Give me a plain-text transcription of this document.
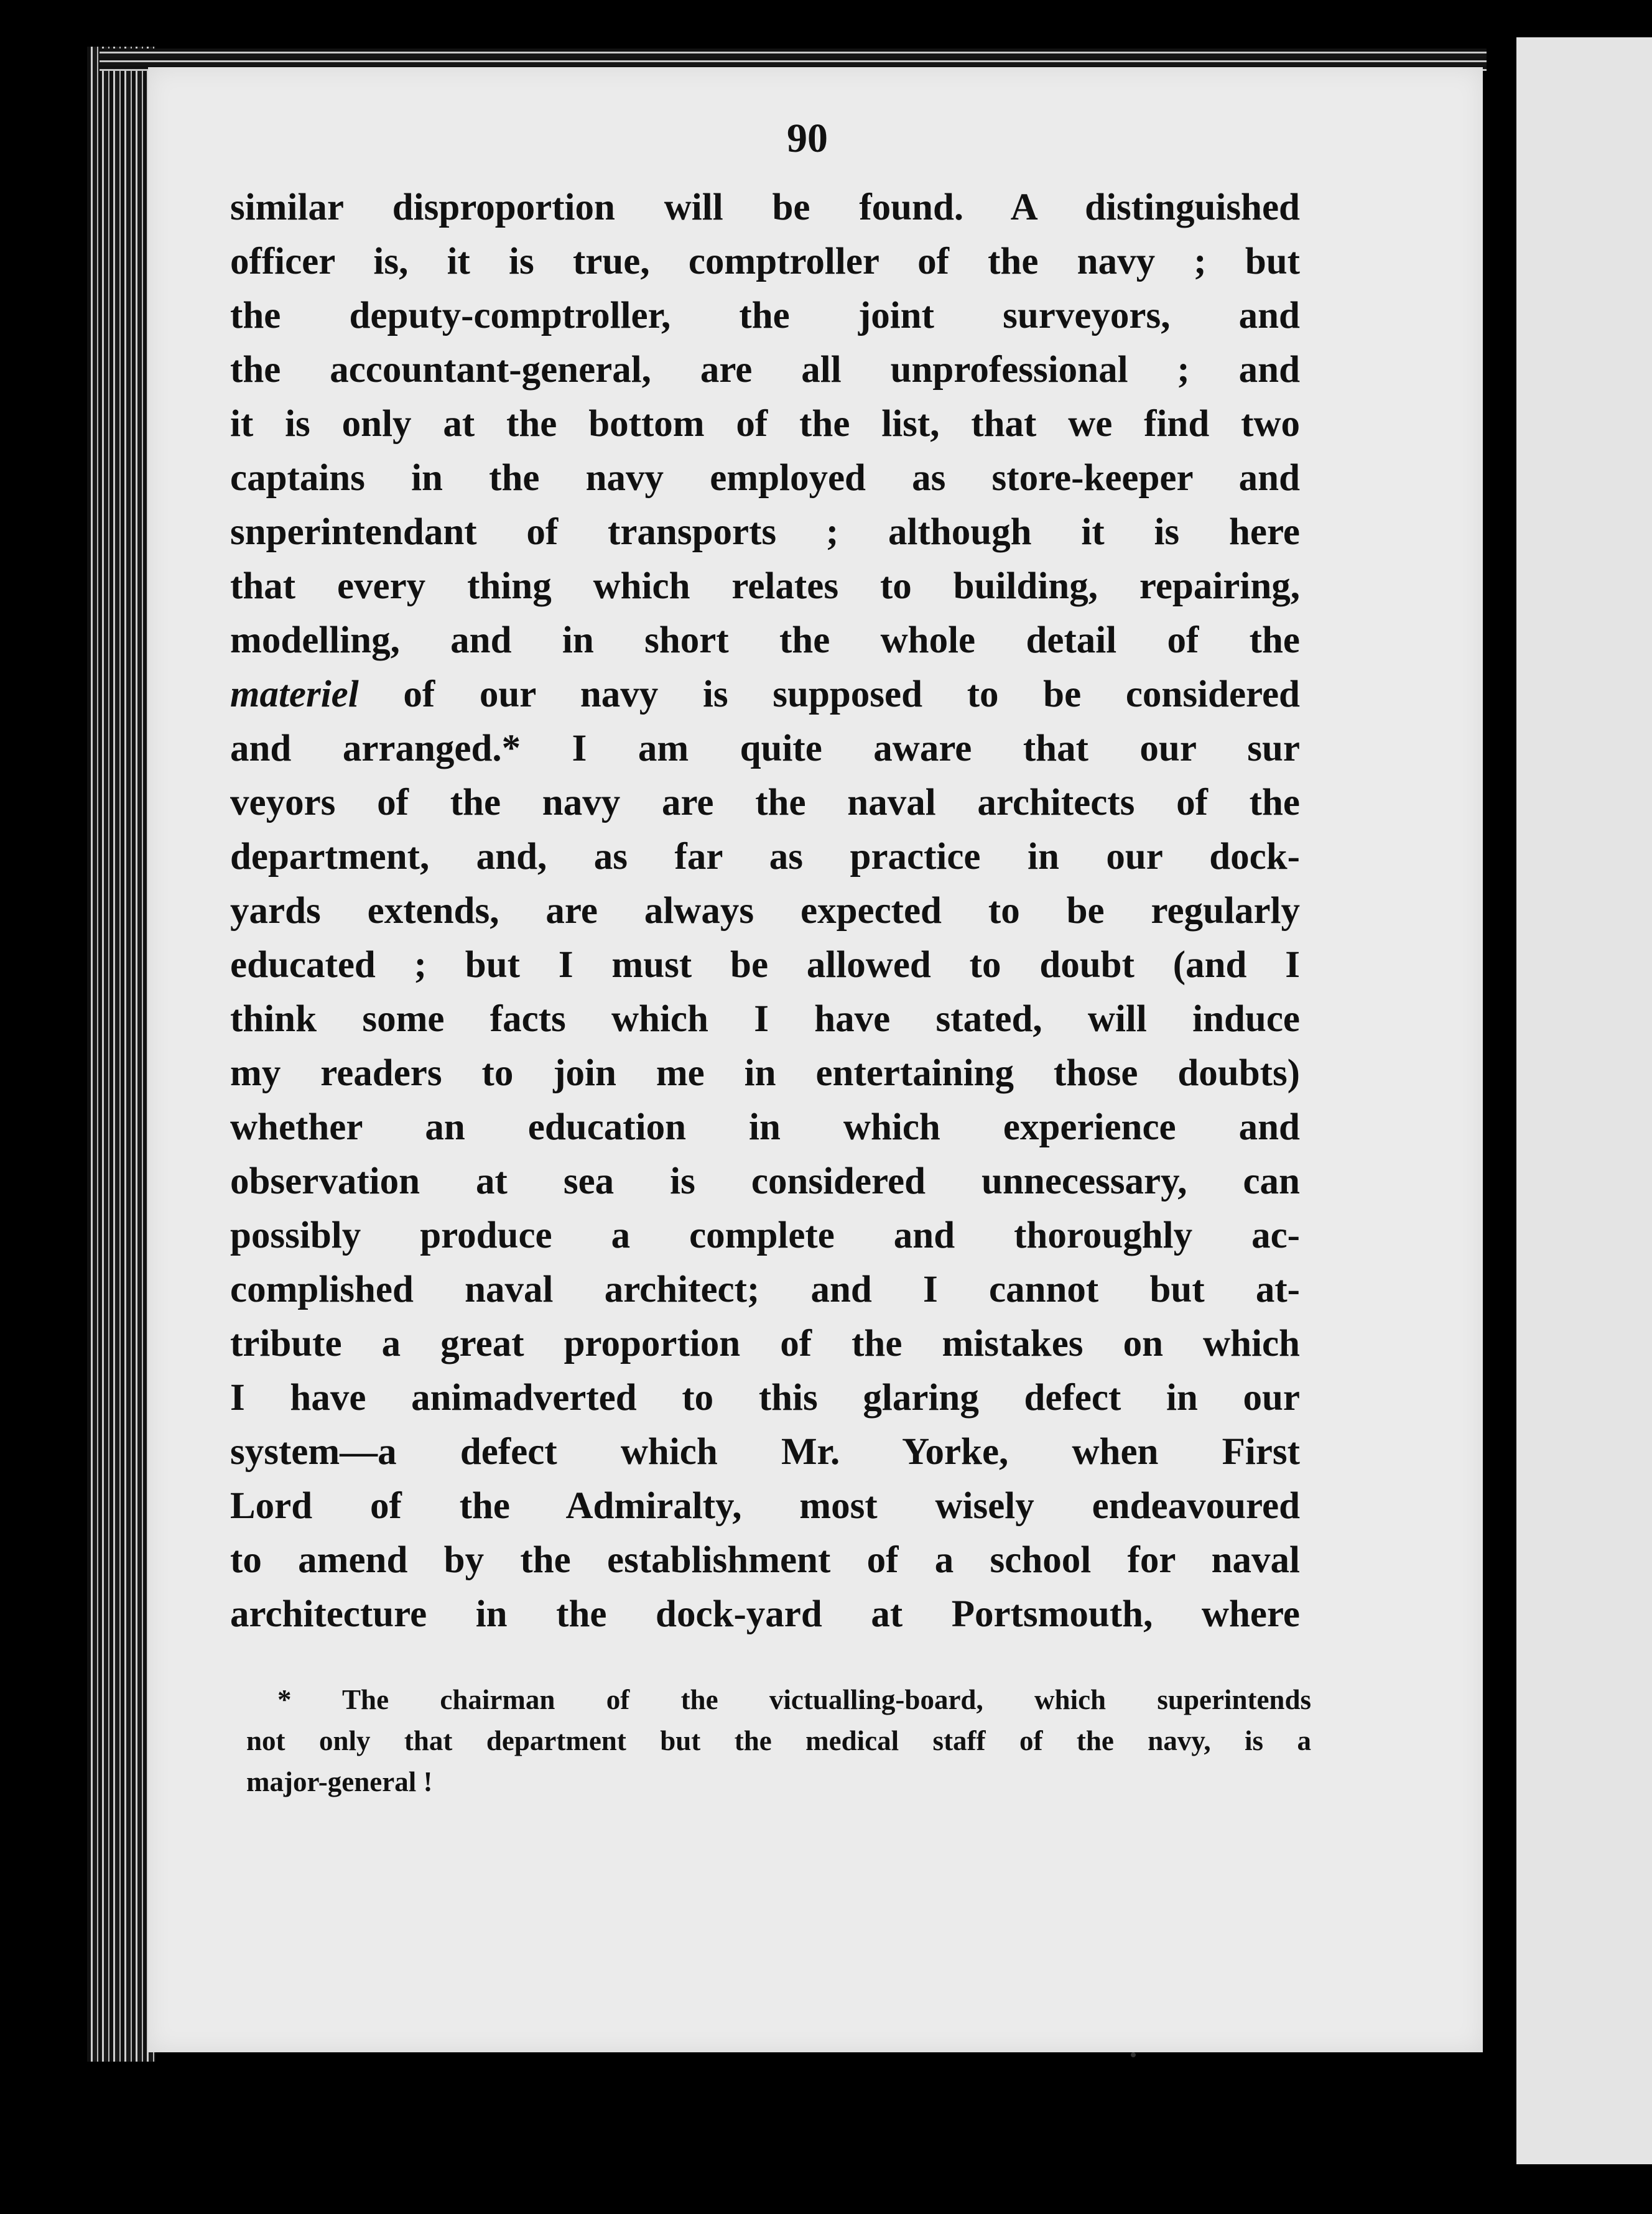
90
similar disproportion will be found. A distinguished
officer is, it is true, comptroller of the navy ; but
the deputy-comptroller, the joint surveyors, and
the accountant-general, are all unprofessional ; and
it is only at the bottom of the list, that we find two
captains in the navy employed as store-keeper and
snperintendant of transports ; although it is here
that every thing which relates to building, repairing,
modelling, and in short the whole detail of the
materiel of our navy is supposed to be considered
and arranged.* I am quite aware that our sur
veyors of the navy are the naval architects of the
department, and, as far as practice in our dock-
yards extends, are always expected to be regularly
educated ; but I must be allowed to doubt (and I
think some facts which I have stated, will induce
my readers to join me in entertaining those doubts)
whether an education in which experience and
observation at sea is considered unnecessary, can
possibly produce a complete and thoroughly ac-
complished naval architect; and I cannot but at-
tribute a great proportion of the mistakes on which
I have animadverted to this glaring defect in our
system—a defect which Mr. Yorke, when First
Lord of the Admiralty, most wisely endeavoured
to amend by the establishment of a school for naval
architecture in the dock-yard at Portsmouth, where
* The chairman of the victualling-board, which superintends
not only that department but the medical staff of the navy, is a
major-general !
